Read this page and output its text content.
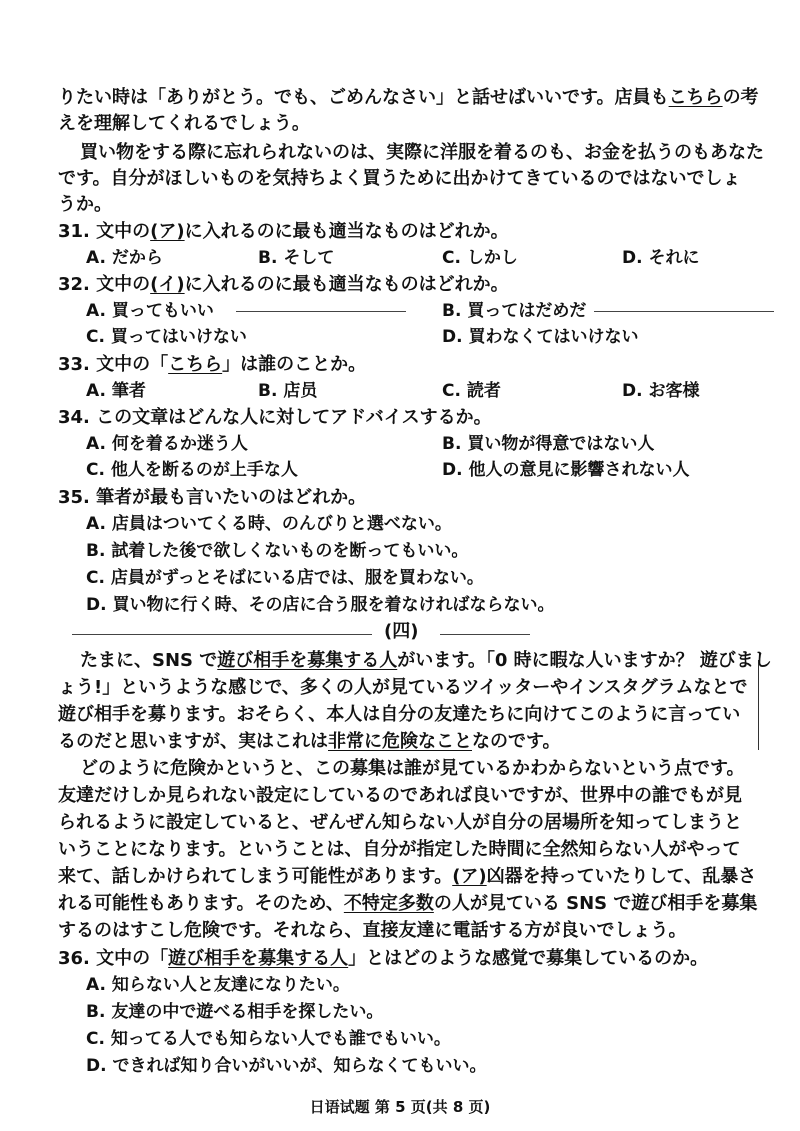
りたい時は「ありがとう。でも、ごめんなさい」と話せばいいです。店員もこちらの考
えを理解してくれるでしょう。
買い物をする際に忘れられないのは、実際に洋服を着るのも、お金を払うのもあなた
です。自分がほしいものを気持ちよく買うために出かけてきているのではないでしょ
うか。
31. 文中の(ア)に入れるのに最も適当なものはどれか。
A. だから	B. そして	C. しかし	D. それに
32. 文中の(イ)に入れるのに最も適当なものはどれか。
A. 買ってもいい	B. 買ってはだめだ
C. 買ってはいけない	D. 買わなくてはいけない
33. 文中の「こちら」は誰のことか。
A. 筆者	B. 店员	C. 読者	D. お客様
34. この文章はどんな人に対してアドバイスするか。
A. 何を着るか迷う人	B. 買い物が得意ではない人
C. 他人を断るのが上手な人	D. 他人の意見に影響されない人
35. 筆者が最も言いたいのはどれか。
A. 店員はついてくる時、のんびりと選べない。
B. 試着した後で欲しくないものを断ってもいい。
C. 店員がずっとそばにいる店では、服を買わない。
D. 買い物に行く時、その店に合う服を着なければならない。
(四)
たまに、SNS で遊び相手を募集する人がいます。「0 時に暇な人いますか？ 遊びまし
ょう!」というような感じで、多くの人が見ているツイッターやインスタグラムなとで
遊び相手を募ります。おそらく、本人は自分の友達たちに向けてこのように言ってい
るのだと思いますが、実はこれは非常に危険なことなのです。
どのように危険かというと、この募集は誰が見ているかわからないという点です。
友達だけしか見られない設定にしているのであれば良いですが、世界中の誰でもが見
られるように設定していると、ぜんぜん知らない人が自分の居場所を知ってしまうと
いうことになります。ということは、自分が指定した時間に全然知らない人がやって
来て、話しかけられてしまう可能性があります。(ア)凶器を持っていたりして、乱暴さ
れる可能性もあります。そのため、不特定多数の人が見ている SNS で遊び相手を募集
するのはすこし危険です。それなら、直接友達に電話する方が良いでしょう。
36. 文中の「遊び相手を募集する人」とはどのような感覚で募集しているのか。
A. 知らない人と友達になりたい。
B. 友達の中で遊べる相手を探したい。
C. 知ってる人でも知らない人でも誰でもいい。
D. できれば知り合いがいいが、知らなくてもいい。
日语试题 第 5 页(共 8 页)
